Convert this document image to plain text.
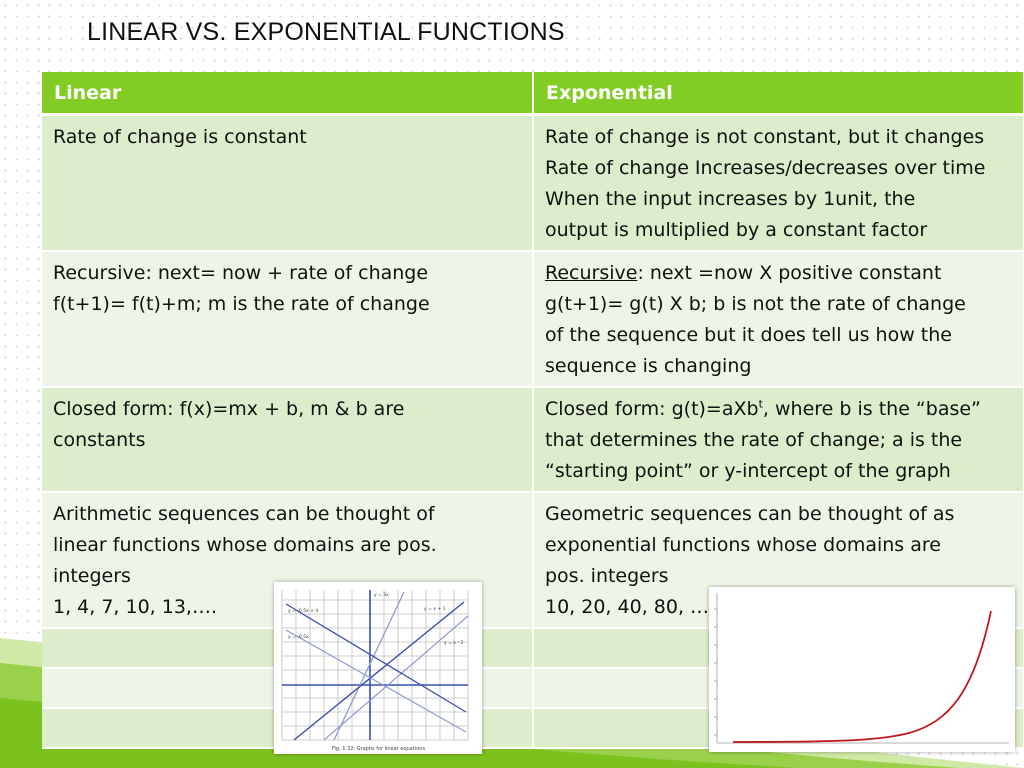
LINEAR VS. EXPONENTIAL FUNCTIONS
Linear	Exponential

Rate of change is constant	Rate of change is not constant, but it changes
Rate of change Increases/decreases over time
When the input increases by 1unit, the
output is multiplied by a constant factor

Recursive: next= now + rate of change
f(t+1)= f(t)+m; m is the rate of change	Recursive: next =now X positive constant
g(t+1)= g(t) X b; b is not the rate of change
of the sequence but it does tell us how the
sequence is changing

Closed form: f(x)=mx + b, m & b are
constants	Closed form: g(t)=aXb$^t$, where b is the “base”
that determines the rate of change; a is the
“starting point” or y-intercept of the graph

Arithmetic sequences can be thought of
linear functions whose domains are pos.
integers
1, 4, 7, 10, 13,….	Geometric sequences can be thought of as
exponential functions whose domains are
pos. integers
10, 20, 40, 80, …

y = 3x
y = x + 1
y = -0.5x + 4
y = -0.5x
y = x - 2
Fig. 1.32: Graphs for linear equations
